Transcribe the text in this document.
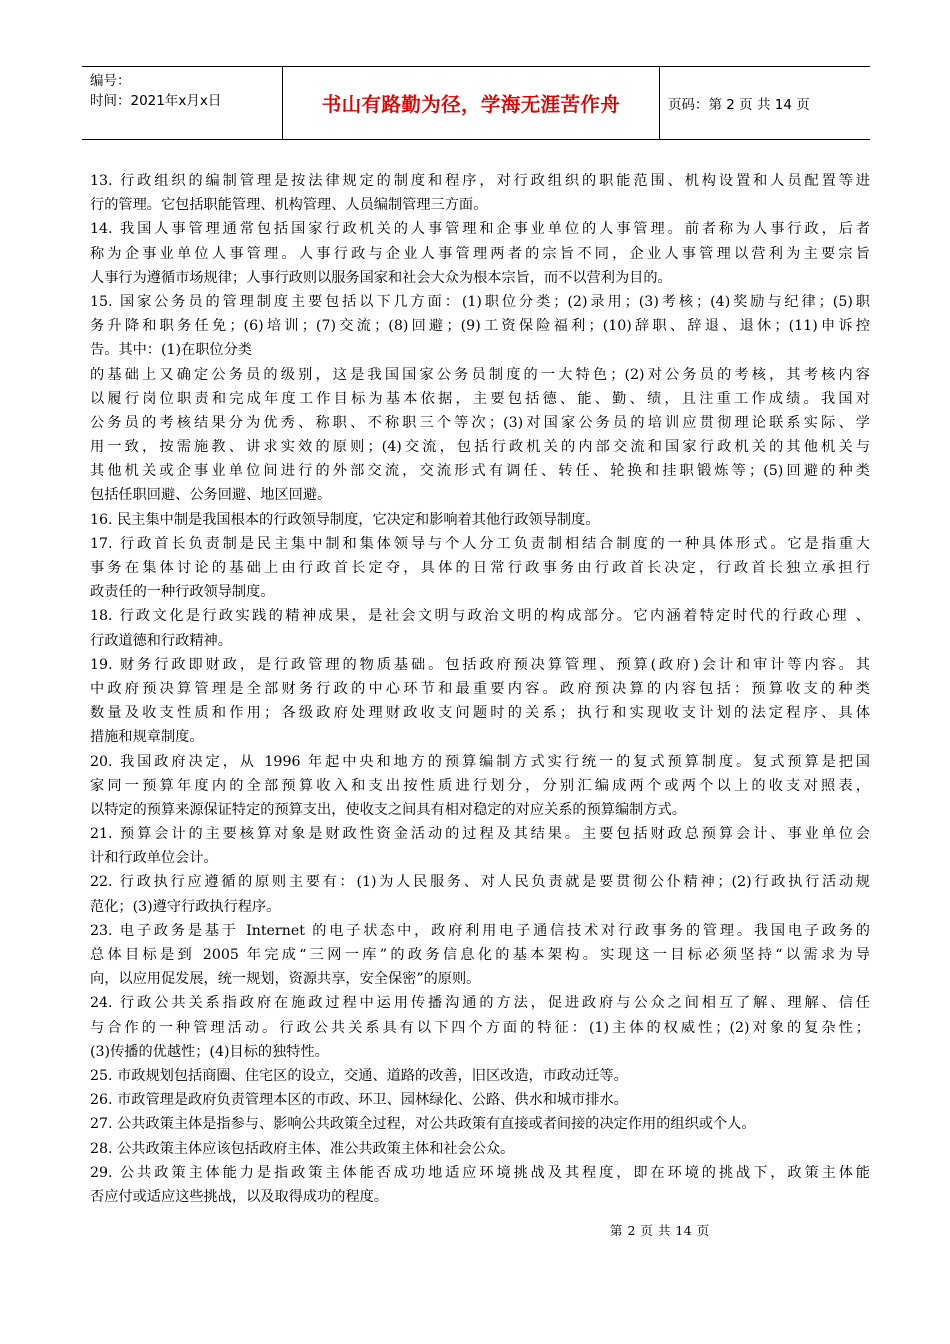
编号：
时间：2021年x月x日	书山有路勤为径，学海无涯苦作舟	页码：第 2 页 共 14 页
13. 行政组织的编制管理是按法律规定的制度和程序，对行政组织的职能范围、机构设置和人员配置等进
行的管理。它包括职能管理、机构管理、人员编制管理三方面。
14. 我国人事管理通常包括国家行政机关的人事管理和企事业单位的人事管理。前者称为人事行政，后者
称为企事业单位人事管理。人事行政与企业人事管理两者的宗旨不同，企业人事管理以营利为主要宗旨
人事行为遵循市场规律；人事行政则以服务国家和社会大众为根本宗旨，而不以营利为目的。
15. 国家公务员的管理制度主要包括以下几方面：(1)职位分类；(2)录用；(3)考核；(4)奖励与纪律；(5)职
务升降和职务任免；(6)培训；(7)交流；(8)回避；(9)工资保险福利；(10)辞职、辞退、退休；(11)申诉控
告。其中：(1)在职位分类
的基础上又确定公务员的级别，这是我国国家公务员制度的一大特色；(2)对公务员的考核，其考核内容
以履行岗位职责和完成年度工作目标为基本依据，主要包括德、能、勤、绩，且注重工作成绩。我国对
公务员的考核结果分为优秀、称职、不称职三个等次；(3)对国家公务员的培训应贯彻理论联系实际、学
用一致，按需施教、讲求实效的原则；(4)交流，包括行政机关的内部交流和国家行政机关的其他机关与
其他机关或企事业单位间进行的外部交流，交流形式有调任、转任、轮换和挂职锻炼等；(5)回避的种类
包括任职回避、公务回避、地区回避。
16. 民主集中制是我国根本的行政领导制度，它决定和影响着其他行政领导制度。
17. 行政首长负责制是民主集中制和集体领导与个人分工负责制相结合制度的一种具体形式。它是指重大
事务在集体讨论的基础上由行政首长定夺，具体的日常行政事务由行政首长决定，行政首长独立承担行
政责任的一种行政领导制度。
18. 行政文化是行政实践的精神成果，是社会文明与政治文明的构成部分。它内涵着特定时代的行政心理 、
行政道德和行政精神。
19. 财务行政即财政，是行政管理的物质基础。包括政府预决算管理、预算(政府)会计和审计等内容。其
中政府预决算管理是全部财务行政的中心环节和最重要内容。政府预决算的内容包括：预算收支的种类
数量及收支性质和作用；各级政府处理财政收支问题时的关系；执行和实现收支计划的法定程序、具体
措施和规章制度。
20. 我国政府决定，从 1996 年起中央和地方的预算编制方式实行统一的复式预算制度。复式预算是把国
家同一预算年度内的全部预算收入和支出按性质进行划分，分别汇编成两个或两个以上的收支对照表，
以特定的预算来源保证特定的预算支出，使收支之间具有相对稳定的对应关系的预算编制方式。
21. 预算会计的主要核算对象是财政性资金活动的过程及其结果。主要包括财政总预算会计、事业单位会
计和行政单位会计。
22. 行政执行应遵循的原则主要有：(1)为人民服务、对人民负责就是要贯彻公仆精神；(2)行政执行活动规
范化；(3)遵守行政执行程序。
23. 电子政务是基于 Internet 的电子状态中，政府利用电子通信技术对行政事务的管理。我国电子政务的
总体目标是到 2005 年完成“三网一库”的政务信息化的基本架构。实现这一目标必须坚持“以需求为导
向，以应用促发展，统一规划，资源共享，安全保密”的原则。
24. 行政公共关系指政府在施政过程中运用传播沟通的方法，促进政府与公众之间相互了解、理解、信任
与合作的一种管理活动。行政公共关系具有以下四个方面的特征：(1)主体的权威性；(2)对象的复杂性；
(3)传播的优越性；(4)目标的独特性。
25. 市政规划包括商圈、住宅区的设立，交通、道路的改善，旧区改造，市政动迁等。
26. 市政管理是政府负责管理本区的市政、环卫、园林绿化、公路、供水和城市排水。
27. 公共政策主体是指参与、影响公共政策全过程，对公共政策有直接或者间接的决定作用的组织或个人。
28. 公共政策主体应该包括政府主体、准公共政策主体和社会公众。
29. 公共政策主体能力是指政策主体能否成功地适应环境挑战及其程度，即在环境的挑战下，政策主体能
否应付或适应这些挑战，以及取得成功的程度。
第 2 页 共 14 页
